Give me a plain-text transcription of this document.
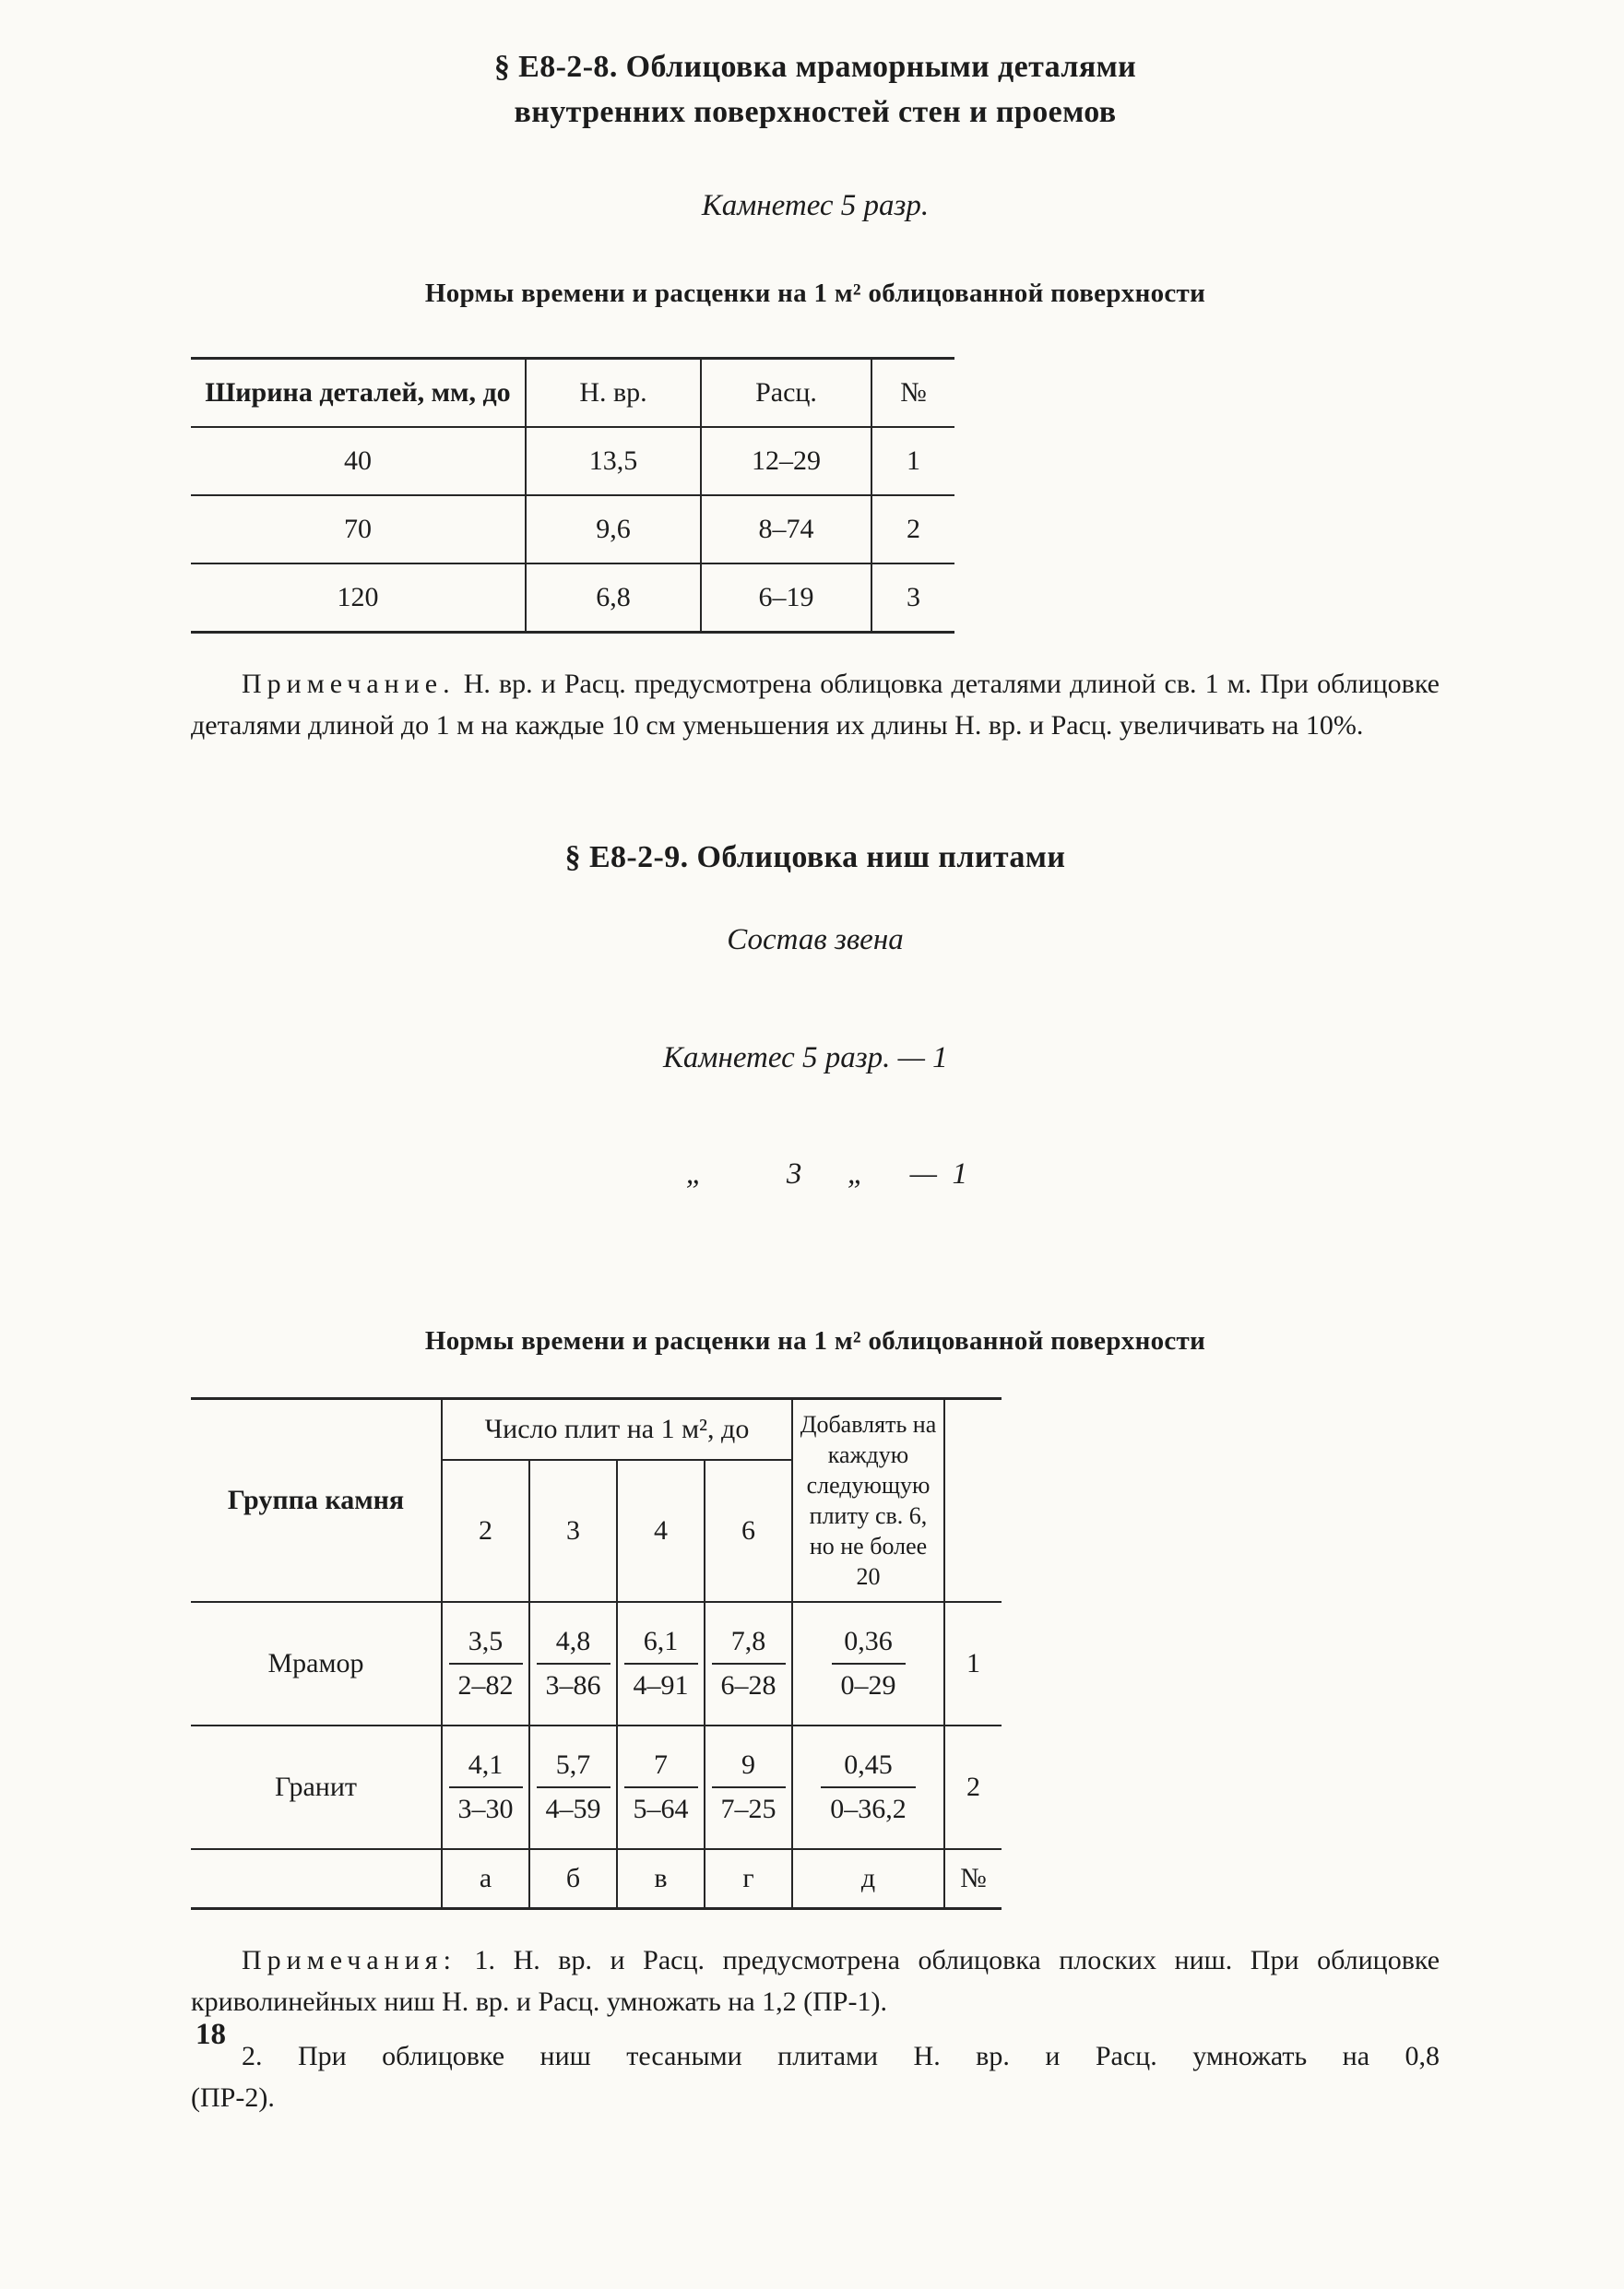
§ Е8-2-8. Облицовка мраморными деталями
внутренних поверхностей стен и проемов
Камнетес 5 разр.
Нормы времени и расценки на 1 м² облицованной поверхности
Ширина деталей, мм, до	Н. вр.	Расц.	№
40	13,5	12–29	1
70	9,6	8–74	2
120	6,8	6–19	3

Примечание. Н. вр. и Расц. предусмотрена облицовка деталями длиной св. 1 м. При облицовке деталями длиной до 1 м на каждые 10 см уменьшения их длины Н. вр. и Расц. увеличивать на 10%.

§ Е8-2-9. Облицовка ниш плитами
Состав звена

Камнетес 5 разр. — 1

„           3      „      —  1

Нормы времени и расценки на 1 м² облицованной поверхности
Группа камня	Число плит на 1 м², до				Добавлять на каждую следующую плиту св. 6, но не более 20	
	2	3	4	6		
Мрамор	$\frac{3,5}{2-82}$	$\frac{4,8}{3-86}$	$\frac{6,1}{4-91}$	$\frac{7,8}{6-28}$	$\frac{0,36}{0-29}$	1
Гранит	$\frac{4,1}{3-30}$	$\frac{5,7}{4-59}$	$\frac{7}{5-64}$	$\frac{9}{7-25}$	$\frac{0,45}{0-36,2}$	2
	а	б	в	г	д	№

Примечания: 1. Н. вр. и Расц. предусмотрена облицовка плоских ниш. При облицовке криволинейных ниш Н. вр. и Расц. умножать на 1,2 (ПР-1).

2. При облицовке ниш тесаными плитами Н. вр. и Расц. умножать на 0,8
(ПР-2).

18
